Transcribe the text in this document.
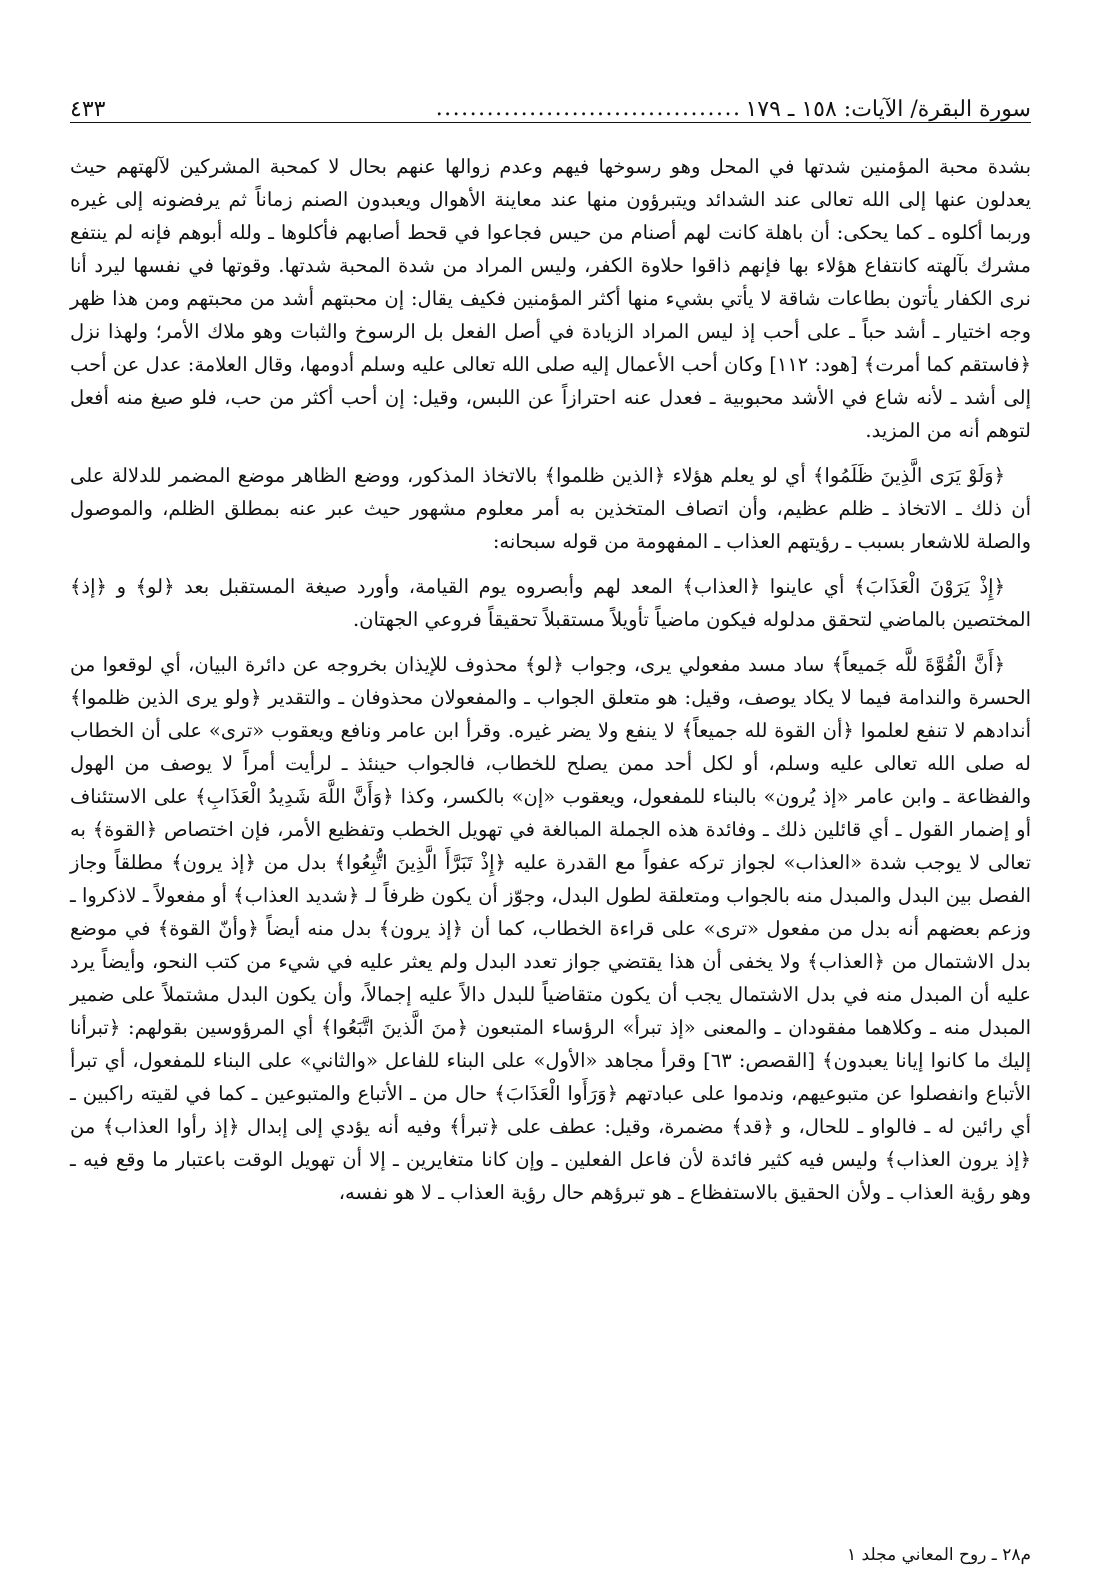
سورة البقرة/ الآيات: ١٥٨ ـ ١٧٩
....................................
٤٣٣

بشدة محبة المؤمنين شدتها في المحل وهو رسوخها فيهم وعدم زوالها عنهم بحال لا كمحبة المشركين لآلهتهم حيث يعدلون عنها إلى الله تعالى عند الشدائد ويتبرؤون منها عند معاينة الأهوال ويعبدون الصنم زماناً ثم يرفضونه إلى غيره وربما أكلوه ـ كما يحكى: أن باهلة كانت لهم أصنام من حيس فجاعوا في قحط أصابهم فأكلوها ـ ولله أبوهم فإنه لم ينتفع مشرك بآلهته كانتفاع هؤلاء بها فإنهم ذاقوا حلاوة الكفر، وليس المراد من شدة المحبة شدتها. وقوتها في نفسها ليرد أنا نرى الكفار يأتون بطاعات شاقة لا يأتي بشيء منها أكثر المؤمنين فكيف يقال: إن محبتهم أشد من محبتهم ومن هذا ظهر وجه اختيار ـ أشد حباً ـ على أحب إذ ليس المراد الزيادة في أصل الفعل بل الرسوخ والثبات وهو ملاك الأمر؛ ولهذا نزل ﴿فاستقم كما أمرت﴾ [هود: ١١٢] وكان أحب الأعمال إليه صلى الله تعالى عليه وسلم أدومها، وقال العلامة: عدل عن أحب إلى أشد ـ لأنه شاع في الأشد محبوبية ـ فعدل عنه احترازاً عن اللبس، وقيل: إن أحب أكثر من حب، فلو صيغ منه أفعل لتوهم أنه من المزيد.

﴿وَلَوْ يَرَى الَّذِينَ ظَلَمُوا﴾ أي لو يعلم هؤلاء ﴿الذين ظلموا﴾ بالاتخاذ المذكور، ووضع الظاهر موضع المضمر للدلالة على أن ذلك ـ الاتخاذ ـ ظلم عظيم، وأن اتصاف المتخذين به أمر معلوم مشهور حيث عبر عنه بمطلق الظلم، والموصول والصلة للاشعار بسبب ـ رؤيتهم العذاب ـ المفهومة من قوله سبحانه:

﴿إِذْ يَرَوْنَ الْعَذَابَ﴾ أي عاينوا ﴿العذاب﴾ المعد لهم وأبصروه يوم القيامة، وأورد صيغة المستقبل بعد ﴿لو﴾ و ﴿إذ﴾ المختصين بالماضي لتحقق مدلوله فيكون ماضياً تأويلاً مستقبلاً تحقيقاً فروعي الجهتان.

﴿أَنَّ الْقُوَّةَ للَّه جَميعاً﴾ ساد مسد مفعولي يرى، وجواب ﴿لو﴾ محذوف للإيذان بخروجه عن دائرة البيان، أي لوقعوا من الحسرة والندامة فيما لا يكاد يوصف، وقيل: هو متعلق الجواب ـ والمفعولان محذوفان ـ والتقدير ﴿ولو يرى الذين ظلموا﴾ أندادهم لا تنفع لعلموا ﴿أن القوة لله جميعاً﴾ لا ينفع ولا يضر غيره. وقرأ ابن عامر ونافع ويعقوب «ترى» على أن الخطاب له صلى الله تعالى عليه وسلم، أو لكل أحد ممن يصلح للخطاب، فالجواب حينئذ ـ لرأيت أمراً لا يوصف من الهول والفظاعة ـ وابن عامر «إذ يُرون» بالبناء للمفعول، ويعقوب «إن» بالكسر، وكذا ﴿وَأَنَّ اللَّهَ شَدِيدُ الْعَذَابِ﴾ على الاستئناف أو إضمار القول ـ أي قائلين ذلك ـ وفائدة هذه الجملة المبالغة في تهويل الخطب وتفظيع الأمر، فإن اختصاص ﴿القوة﴾ به تعالى لا يوجب شدة «العذاب» لجواز تركه عفواً مع القدرة عليه ﴿إِذْ تَبَرَّأَ الَّذِينَ اتُّبِعُوا﴾ بدل من ﴿إذ يرون﴾ مطلقاً وجاز الفصل بين البدل والمبدل منه بالجواب ومتعلقة لطول البدل، وجوّز أن يكون ظرفاً لـ ﴿شديد العذاب﴾ أو مفعولاً ـ لاذكروا ـ وزعم بعضهم أنه بدل من مفعول «ترى» على قراءة الخطاب، كما أن ﴿إذ يرون﴾ بدل منه أيضاً ﴿وأنّ القوة﴾ في موضع بدل الاشتمال من ﴿العذاب﴾ ولا يخفى أن هذا يقتضي جواز تعدد البدل ولم يعثر عليه في شيء من كتب النحو، وأيضاً يرد عليه أن المبدل منه في بدل الاشتمال يجب أن يكون متقاضياً للبدل دالاً عليه إجمالاً، وأن يكون البدل مشتملاً على ضمير المبدل منه ـ وكلاهما مفقودان ـ والمعنى «إذ تبرأ» الرؤساء المتبعون ﴿منَ الَّذينَ اتَّبَعُوا﴾ أي المرؤوسين بقولهم: ﴿تبرأنا إليك ما كانوا إيانا يعبدون﴾ [القصص: ٦٣] وقرأ مجاهد «الأول» على البناء للفاعل «والثاني» على البناء للمفعول، أي تبرأ الأتباع وانفصلوا عن متبوعيهم، وندموا على عبادتهم ﴿وَرَأَوا الْعَذَابَ﴾ حال من ـ الأتباع والمتبوعين ـ كما في لقيته راكبين ـ أي رائين له ـ فالواو ـ للحال، و ﴿قد﴾ مضمرة، وقيل: عطف على ﴿تبرأ﴾ وفيه أنه يؤدي إلى إبدال ﴿إذ رأوا العذاب﴾ من ﴿إذ يرون العذاب﴾ وليس فيه كثير فائدة لأن فاعل الفعلين ـ وإن كانا متغايرين ـ إلا أن تهويل الوقت باعتبار ما وقع فيه ـ وهو رؤية العذاب ـ ولأن الحقيق بالاستفظاع ـ هو تبرؤهم حال رؤية العذاب ـ لا هو نفسه،

م٢٨ ـ روح المعاني مجلد ١
